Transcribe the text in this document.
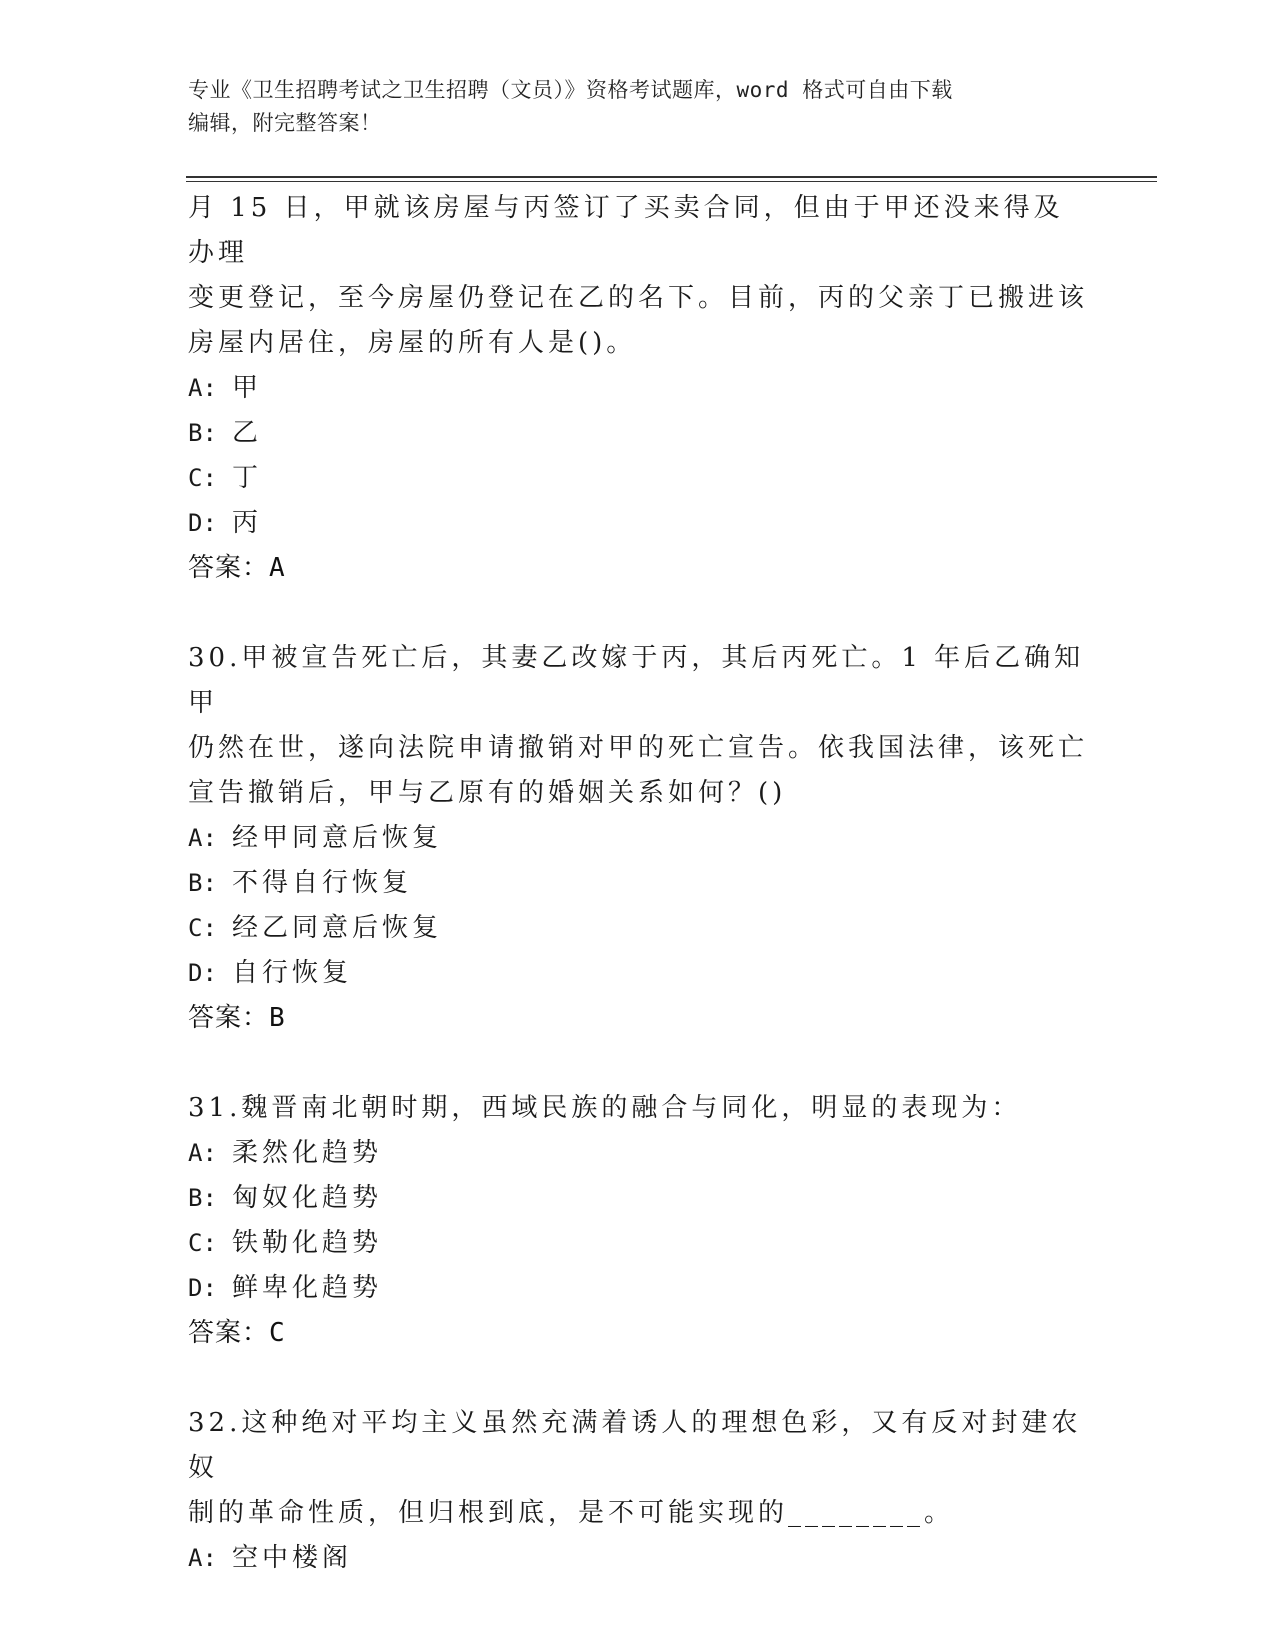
专业《卫生招聘考试之卫生招聘（文员）》资格考试题库，word 格式可自由下载
编辑，附完整答案！
月 15 日，甲就该房屋与丙签订了买卖合同，但由于甲还没来得及办理
变更登记，至今房屋仍登记在乙的名下。目前，丙的父亲丁已搬进该
房屋内居住，房屋的所有人是()。
A: 甲
B: 乙
C: 丁
D: 丙
答案：A
30.甲被宣告死亡后，其妻乙改嫁于丙，其后丙死亡。1 年后乙确知甲
仍然在世，遂向法院申请撤销对甲的死亡宣告。依我国法律，该死亡
宣告撤销后，甲与乙原有的婚姻关系如何？()
A: 经甲同意后恢复
B: 不得自行恢复
C: 经乙同意后恢复
D: 自行恢复
答案：B
31.魏晋南北朝时期，西域民族的融合与同化，明显的表现为：
A: 柔然化趋势
B: 匈奴化趋势
C: 铁勒化趋势
D: 鲜卑化趋势
答案：C
32.这种绝对平均主义虽然充满着诱人的理想色彩，又有反对封建农奴
制的革命性质，但归根到底，是不可能实现的________。
A: 空中楼阁
